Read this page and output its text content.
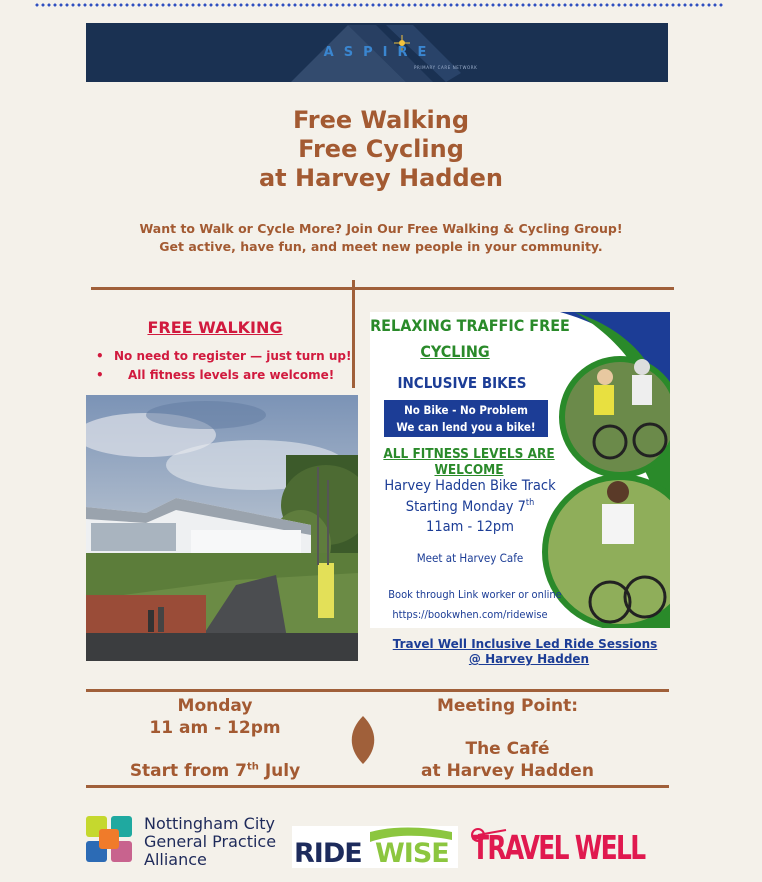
ASPIRE
PRIMARY CARE NETWORK
Free Walking
Free Cycling
at Harvey Hadden
Want to Walk or Cycle More? Join Our Free Walking & Cycling Group!
Get active, have fun, and meet new people in your community.
FREE WALKING
• No need to register — just turn up!
• All fitness levels are welcome!
RELAXING TRAFFIC FREE
CYCLING
INCLUSIVE BIKES
No Bike - No Problem
We can lend you a bike!
ALL FITNESS LEVELS ARE WELCOME
Harvey Hadden Bike Track
Starting Monday 7th
11am - 12pm
Meet at Harvey Cafe
Book through Link worker or online
https://bookwhen.com/ridewise
Travel Well Inclusive Led Ride Sessions
@ Harvey Hadden
Monday
11 am - 12pm
Start from 7th July
Meeting Point:
The Café
at Harvey Hadden
Nottingham City
General Practice
Alliance	RIDE WISE TRAVEL WELL
